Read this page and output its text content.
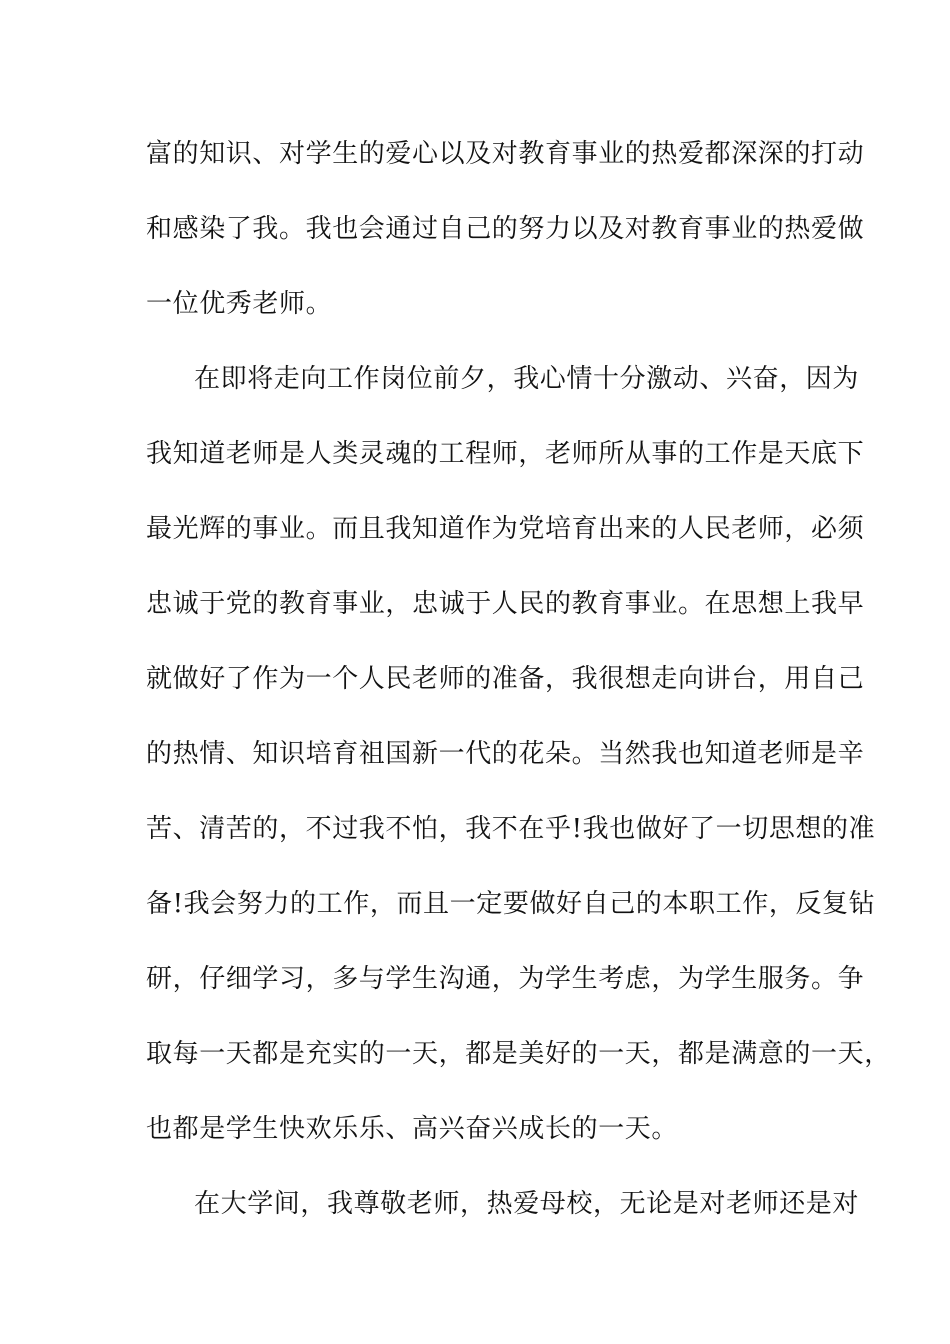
富的知识、对学生的爱心以及对教育事业的热爱都深深的打动
和感染了我。我也会通过自己的努力以及对教育事业的热爱做
一位优秀老师。
在即将走向工作岗位前夕，我心情十分激动、兴奋，因为
我知道老师是人类灵魂的工程师，老师所从事的工作是天底下
最光辉的事业。而且我知道作为党培育出来的人民老师，必须
忠诚于党的教育事业，忠诚于人民的教育事业。在思想上我早
就做好了作为一个人民老师的准备，我很想走向讲台，用自己
的热情、知识培育祖国新一代的花朵。当然我也知道老师是辛
苦、清苦的，不过我不怕，我不在乎!我也做好了一切思想的准
备!我会努力的工作，而且一定要做好自己的本职工作，反复钻
研，仔细学习，多与学生沟通，为学生考虑，为学生服务。争
取每一天都是充实的一天，都是美好的一天，都是满意的一天，
也都是学生快欢乐乐、高兴奋兴成长的一天。
在大学间，我尊敬老师，热爱母校，无论是对老师还是对
